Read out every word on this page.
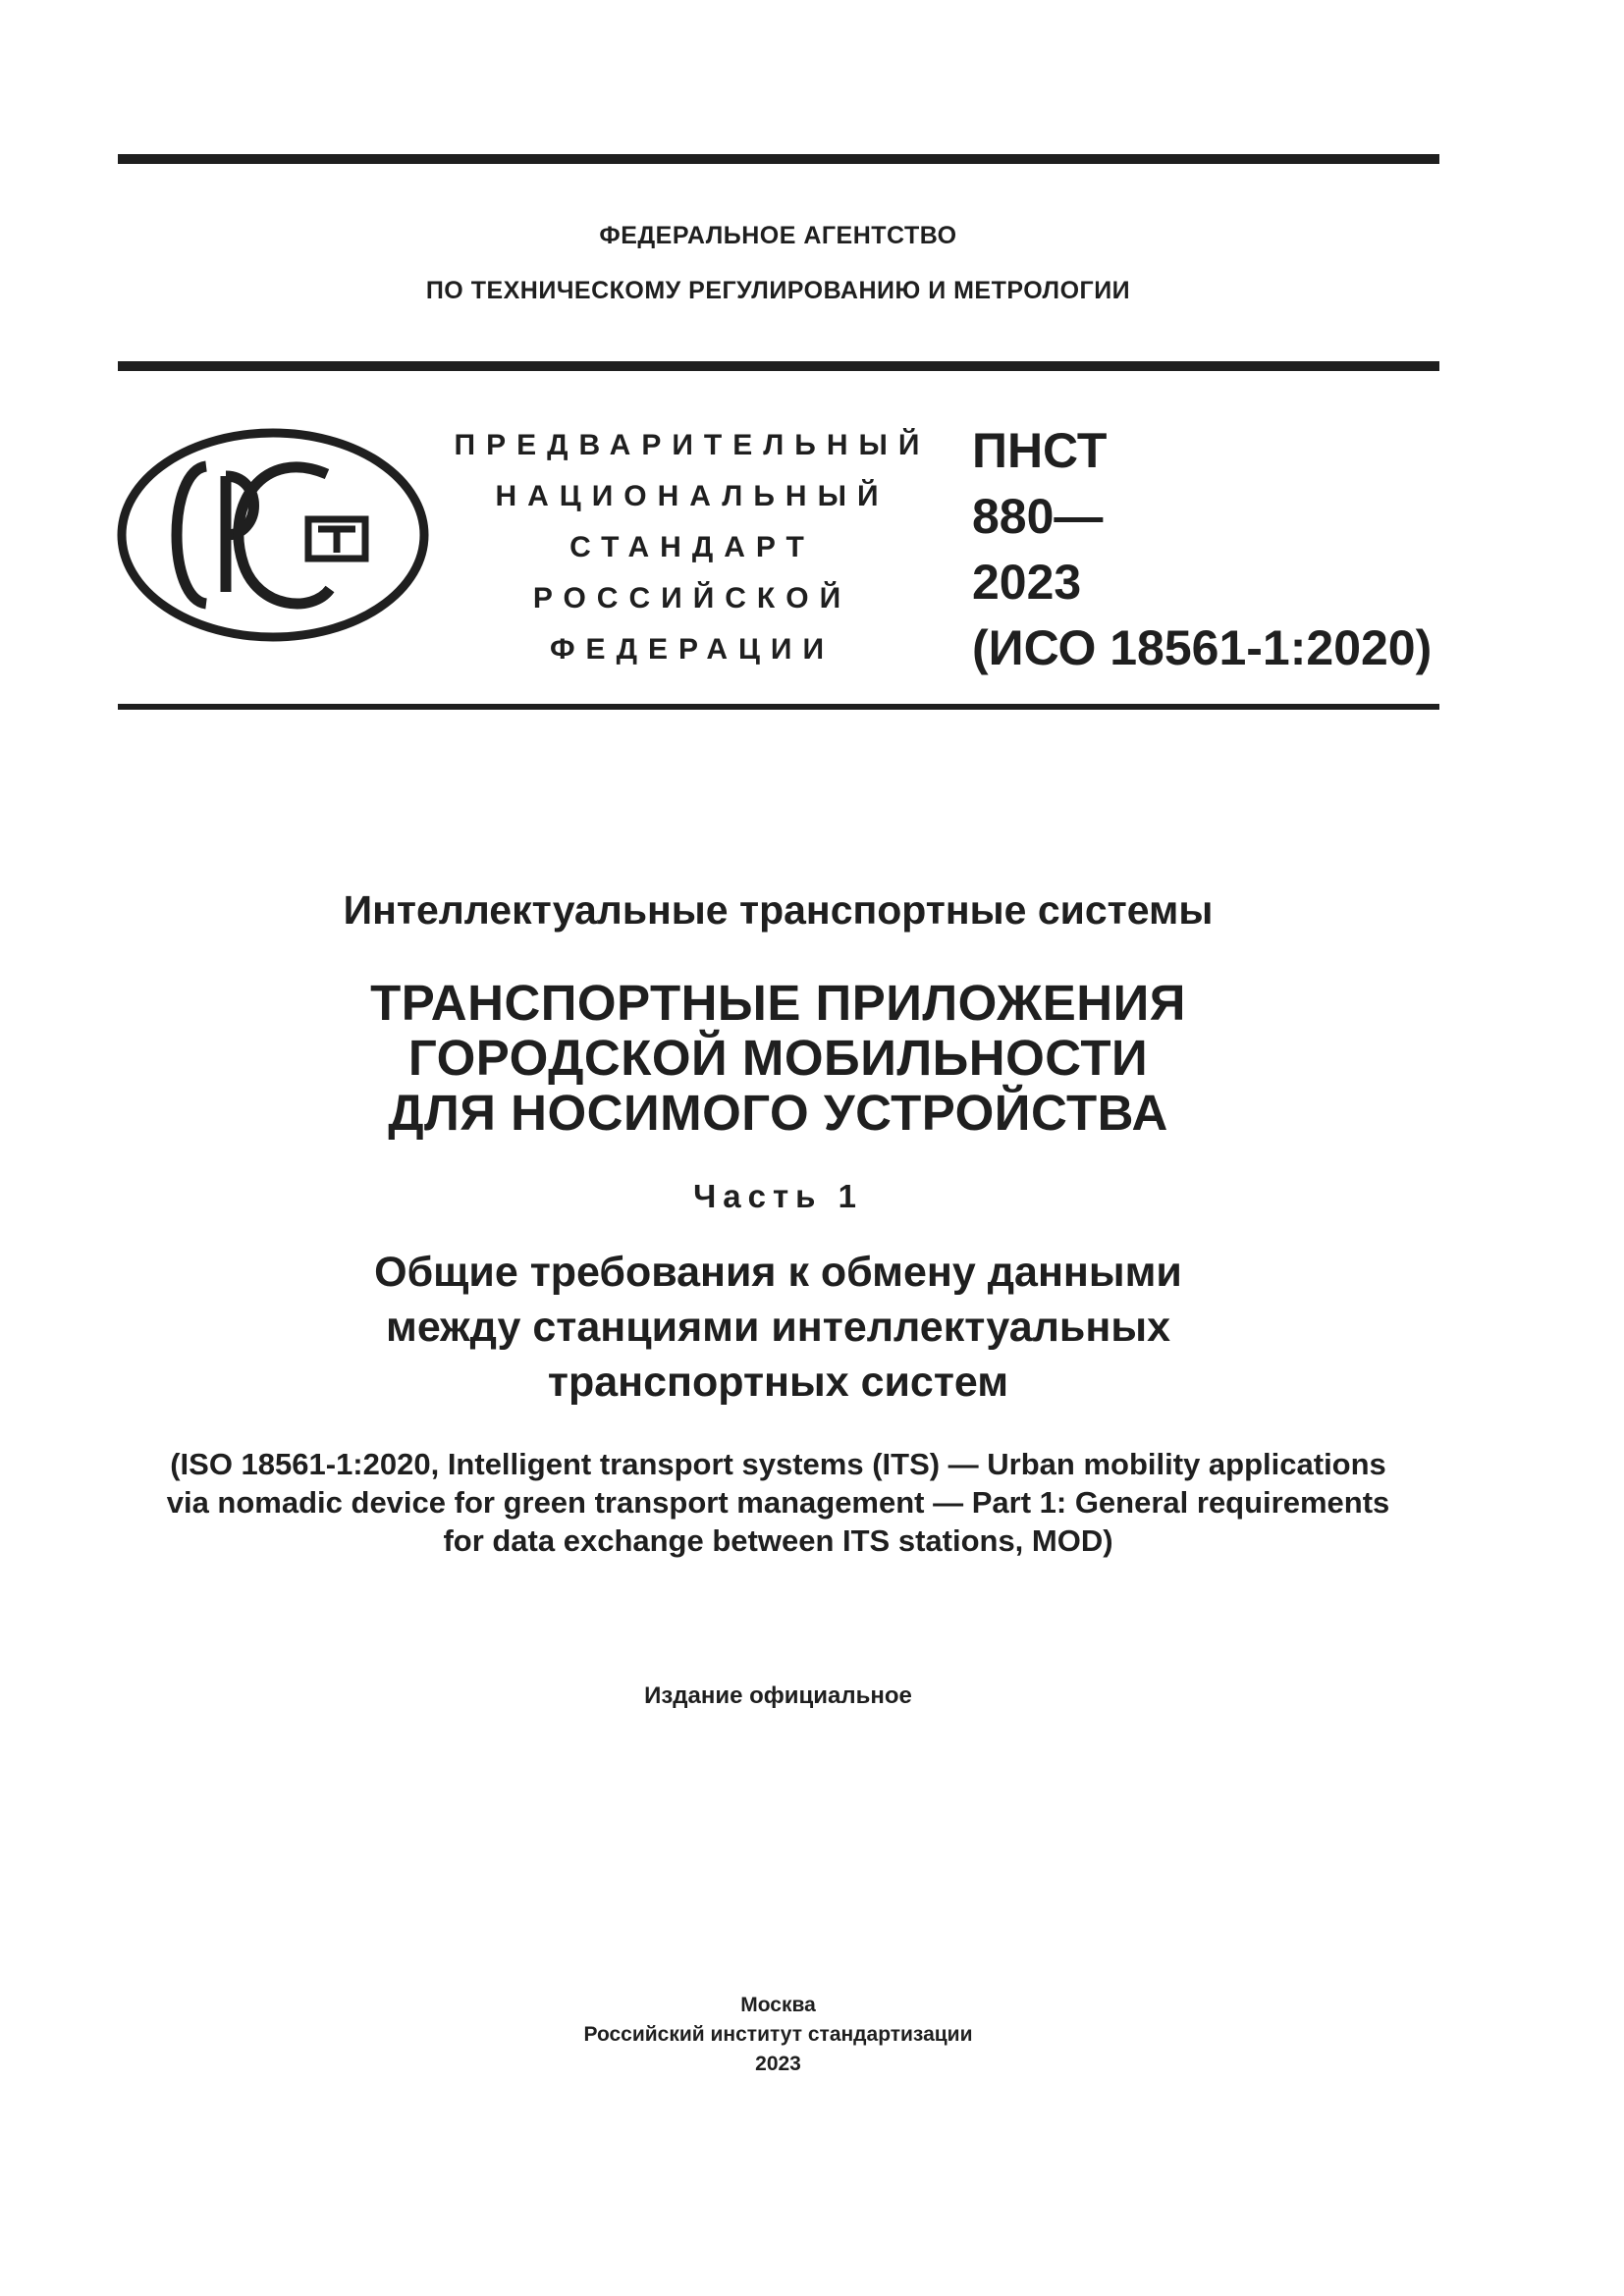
ФЕДЕРАЛЬНОЕ АГЕНТСТВО
ПО ТЕХНИЧЕСКОМУ РЕГУЛИРОВАНИЮ И МЕТРОЛОГИИ
ПРЕДВАРИТЕЛЬНЫЙ
НАЦИОНАЛЬНЫЙ
СТАНДАРТ
РОССИЙСКОЙ
ФЕДЕРАЦИИ
ПНСТ
880—
2023
(ИСО 18561-1:2020)
Интеллектуальные транспортные системы
ТРАНСПОРТНЫЕ ПРИЛОЖЕНИЯ
ГОРОДСКОЙ МОБИЛЬНОСТИ
ДЛЯ НОСИМОГО УСТРОЙСТВА
Часть 1
Общие требования к обмену данными
между станциями интеллектуальных
транспортных систем
(ISO 18561-1:2020, Intelligent transport systems (ITS) — Urban mobility applications
via nomadic device for green transport management — Part 1: General requirements
for data exchange between ITS stations, MOD)
Издание официальное
Москва
Российский институт стандартизации
2023
